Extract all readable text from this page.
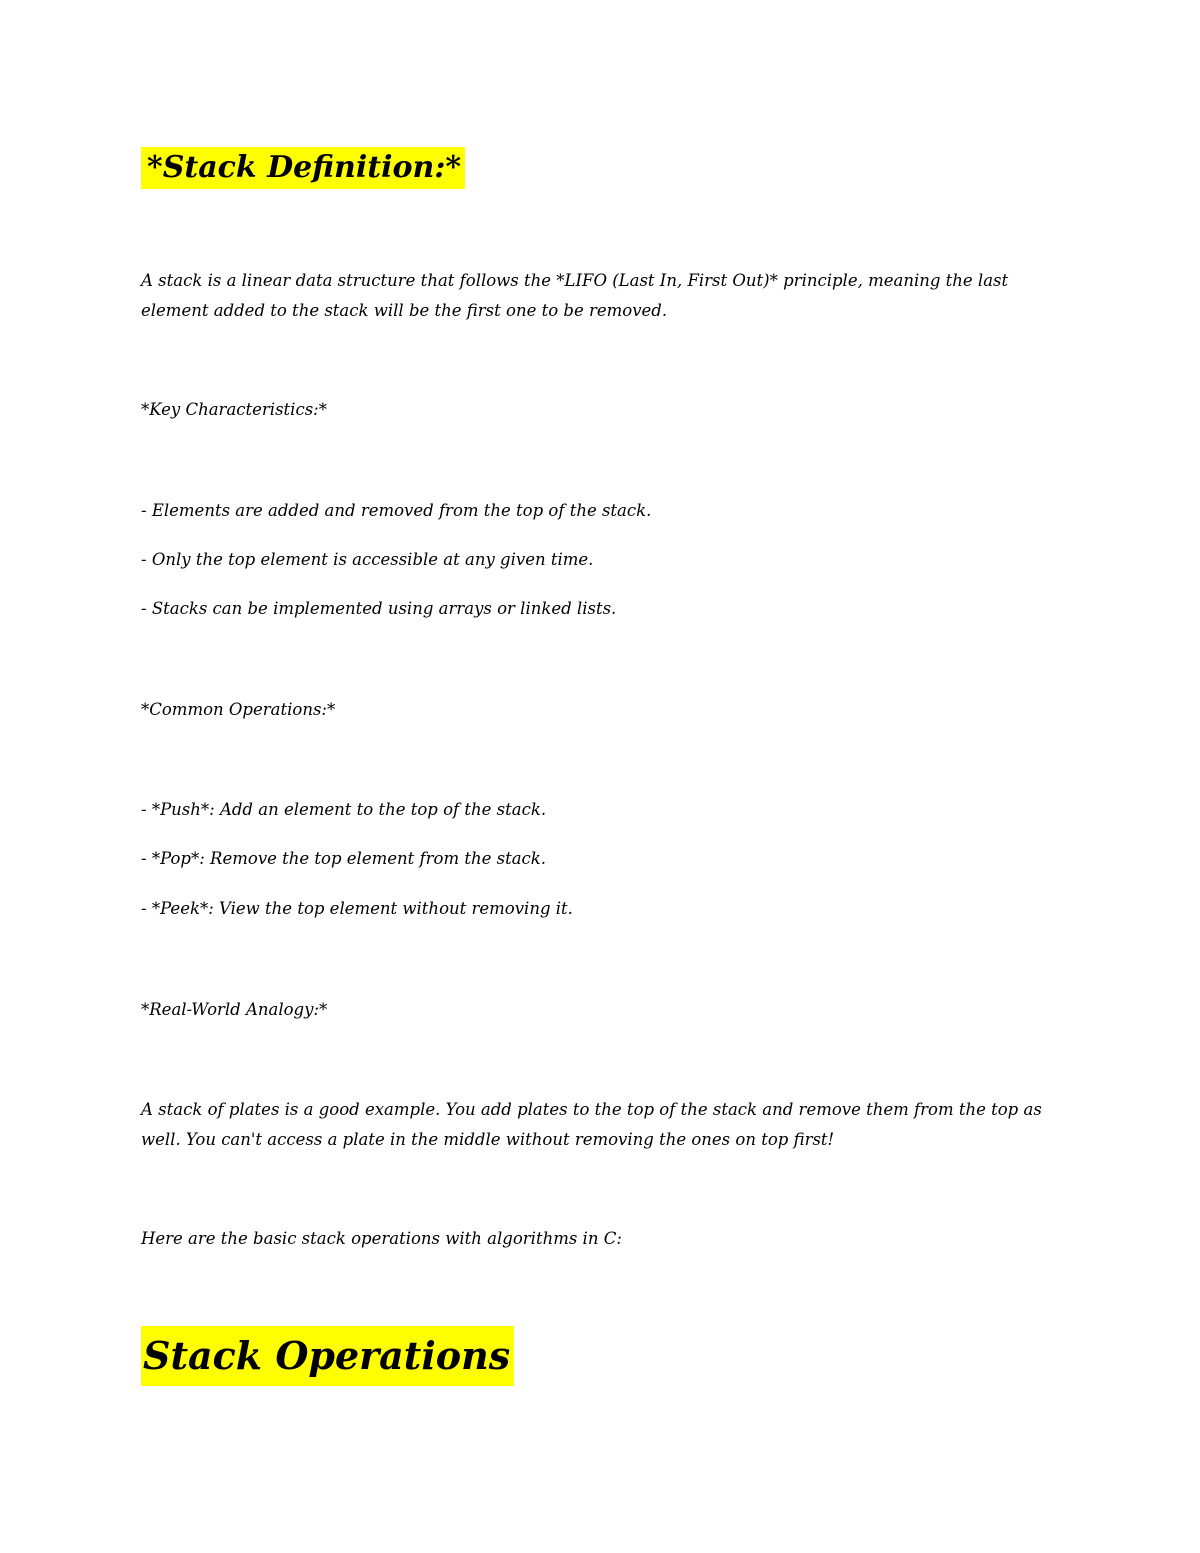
*Stack Definition:*

A stack is a linear data structure that follows the *LIFO (Last In, First Out)* principle, meaning the last element added to the stack will be the first one to be removed.

*Key Characteristics:*

- Elements are added and removed from the top of the stack.

- Only the top element is accessible at any given time.

- Stacks can be implemented using arrays or linked lists.

*Common Operations:*

- *Push*: Add an element to the top of the stack.

- *Pop*: Remove the top element from the stack.

- *Peek*: View the top element without removing it.

*Real-World Analogy:*

A stack of plates is a good example. You add plates to the top of the stack and remove them from the top as well. You can't access a plate in the middle without removing the ones on top first!

Here are the basic stack operations with algorithms in C:

Stack Operations
